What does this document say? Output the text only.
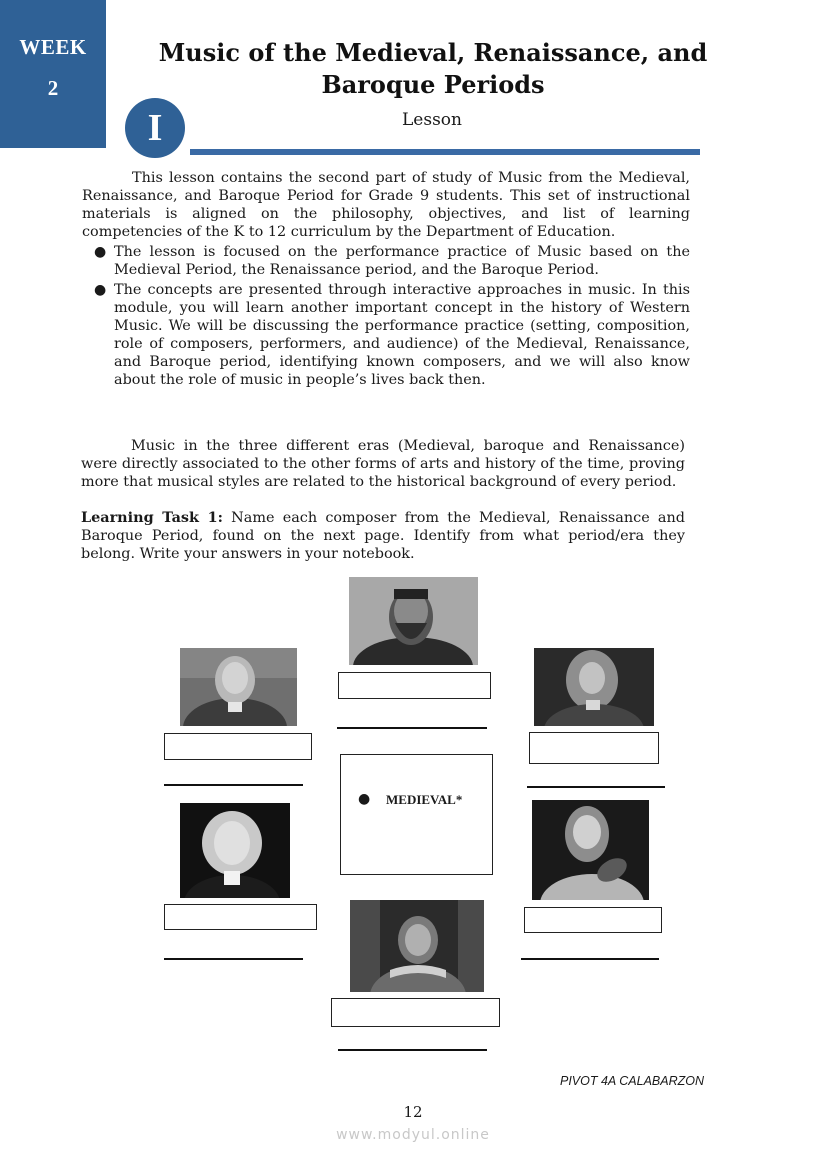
WEEK
2
Music of the Medieval, Renaissance, and Baroque Periods
I	Lesson
This lesson contains the second part of study of Music from the Medieval, Renaissance, and Baroque Period for Grade 9 students. This set of instructional materials is aligned on the philosophy, objectives, and list of learning competencies of the K to 12 curriculum by the Department of Education.
● The lesson is focused on the performance practice of Music based on the Medieval Period, the Renaissance period, and the Baroque Period.
● The concepts are presented through interactive approaches in music. In this module, you will learn another important concept in the history of Western Music. We will be discussing the performance practice (setting, composition, role of composers, performers, and audience) of the Medieval, Renaissance, and Baroque period, identifying known composers, and we will also know about the role of music in people’s lives back then.
Music in the three different eras (Medieval, baroque and Renaissance) were directly associated to the other forms of arts and history of the time, proving more that musical styles are related to the historical background of every period.
Learning Task 1: Name each composer from the Medieval, Renaissance and Baroque Period, found on the next page. Identify from what period/era they belong. Write your answers in your notebook.
● MEDIEVAL*
PIVOT 4A CALABARZON
12
www.modyul.online
